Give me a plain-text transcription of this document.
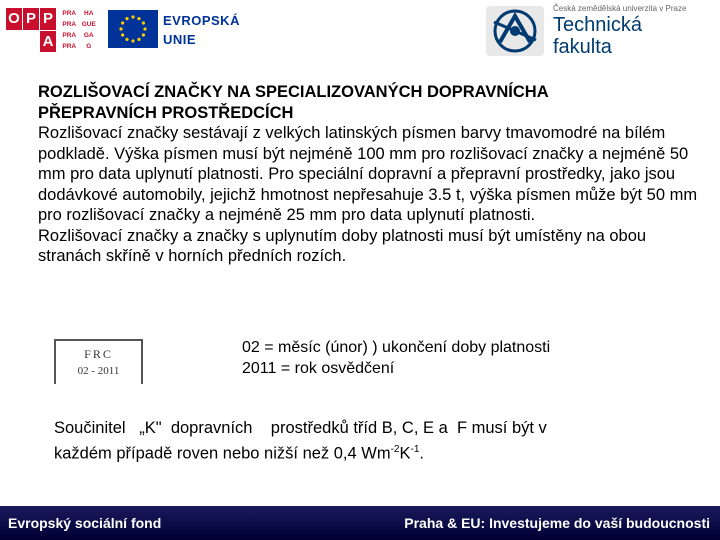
O P P
A
PRA	HA
PRA GUE
PRA	GA
PRA	G
EVROPSKÁ
UNIE
Česká zemědělská univerzita v Praze
Technická
fakulta

ROZLIŠOVACÍ ZNAČKY NA SPECIALIZOVANÝCH DOPRAVNÍCHA

PŘEPRAVNÍCH PROSTŘEDCÍCH

Rozlišovací značky sestávají z velkých latinských písmen barvy tmavomodré na bílém podkladě. Výška písmen musí být nejméně 100 mm pro rozlišovací značky a nejméně 50 mm pro data uplynutí platnosti. Pro speciální dopravní a přepravní prostředky, jako jsou dodávkové automobily, jejichž hmotnost nepřesahuje 3.5 t, výška písmen může být 50 mm pro rozlišovací značky a nejméně 25 mm pro data uplynutí platnosti.

Rozlišovací značky a značky s uplynutím doby platnosti musí být umístěny na obou stranách skříně v horních předních rozích.

FRC
02 - 2011
02 = měsíc (únor) ) ukončení doby platnosti
2011 = rok osvědčení
Součinitel   „K"  dopravních    prostředků tříd B, C, E a  F musí být v
každém případě roven nebo nižší než 0,4 $Wm^{-2}K^{-1}$.
Evropský sociální fond	Praha & EU: Investujeme do vaší budoucnosti
